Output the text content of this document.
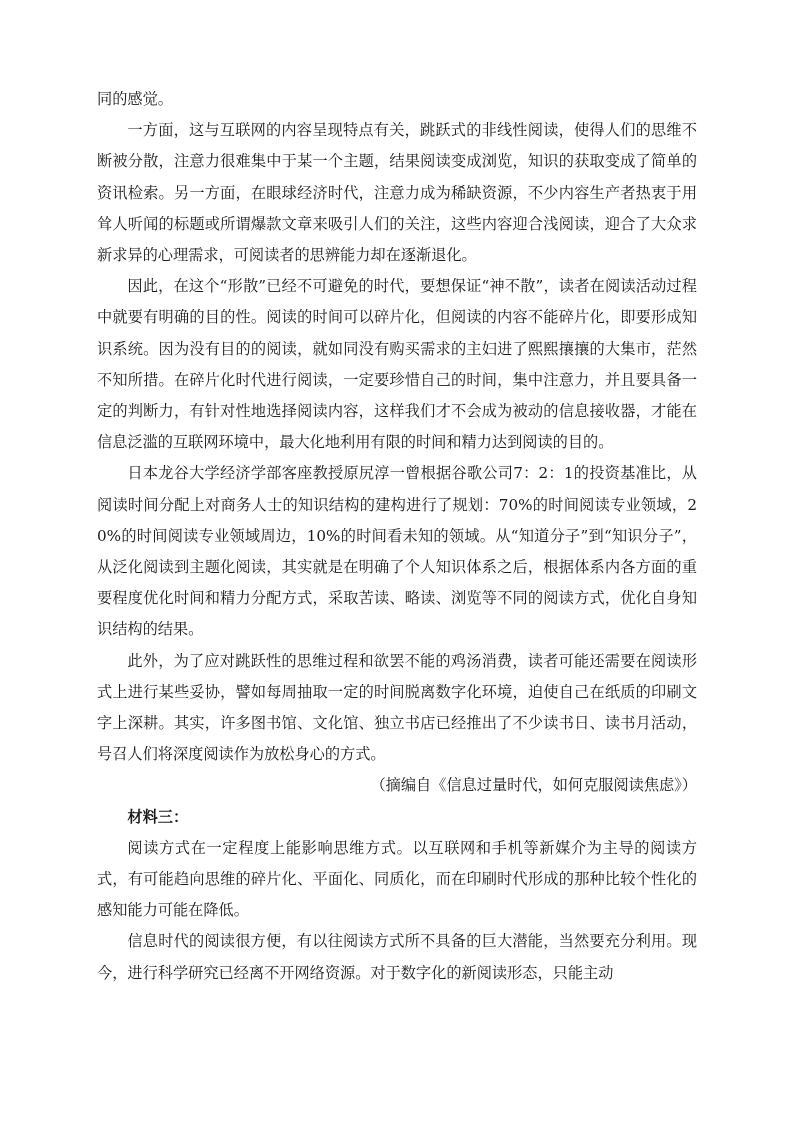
同的感觉。

一方面，这与互联网的内容呈现特点有关，跳跃式的非线性阅读，使得人们的思维不断被分散，注意力很难集中于某一个主题，结果阅读变成浏览，知识的获取变成了简单的资讯检索。另一方面，在眼球经济时代，注意力成为稀缺资源，不少内容生产者热衷于用耸人听闻的标题或所谓爆款文章来吸引人们的关注，这些内容迎合浅阅读，迎合了大众求新求异的心理需求，可阅读者的思辨能力却在逐渐退化。

因此，在这个“形散”已经不可避免的时代，要想保证“神不散”，读者在阅读活动过程中就要有明确的目的性。阅读的时间可以碎片化，但阅读的内容不能碎片化，即要形成知识系统。因为没有目的的阅读，就如同没有购买需求的主妇进了熙熙攘攘的大集市，茫然不知所措。在碎片化时代进行阅读，一定要珍惜自己的时间，集中注意力，并且要具备一定的判断力，有针对性地选择阅读内容，这样我们才不会成为被动的信息接收器，才能在信息泛滥的互联网环境中，最大化地利用有限的时间和精力达到阅读的目的。

日本龙谷大学经济学部客座教授原尻淳一曾根据谷歌公司7：2：1的投资基准比，从阅读时间分配上对商务人士的知识结构的建构进行了规划：70%的时间阅读专业领域，20%的时间阅读专业领域周边，10%的时间看未知的领域。从“知道分子”到“知识分子”，从泛化阅读到主题化阅读，其实就是在明确了个人知识体系之后，根据体系内各方面的重要程度优化时间和精力分配方式，采取苦读、略读、浏览等不同的阅读方式，优化自身知识结构的结果。

此外，为了应对跳跃性的思维过程和欲罢不能的鸡汤消费，读者可能还需要在阅读形式上进行某些妥协，譬如每周抽取一定的时间脱离数字化环境，迫使自己在纸质的印刷文字上深耕。其实，许多图书馆、文化馆、独立书店已经推出了不少读书日、读书月活动，号召人们将深度阅读作为放松身心的方式。

（摘编自《信息过量时代，如何克服阅读焦虑》）

材料三：

阅读方式在一定程度上能影响思维方式。以互联网和手机等新媒介为主导的阅读方式，有可能趋向思维的碎片化、平面化、同质化，而在印刷时代形成的那种比较个性化的感知能力可能在降低。

信息时代的阅读很方便，有以往阅读方式所不具备的巨大潜能，当然要充分利用。现今，进行科学研究已经离不开网络资源。对于数字化的新阅读形态，只能主动
